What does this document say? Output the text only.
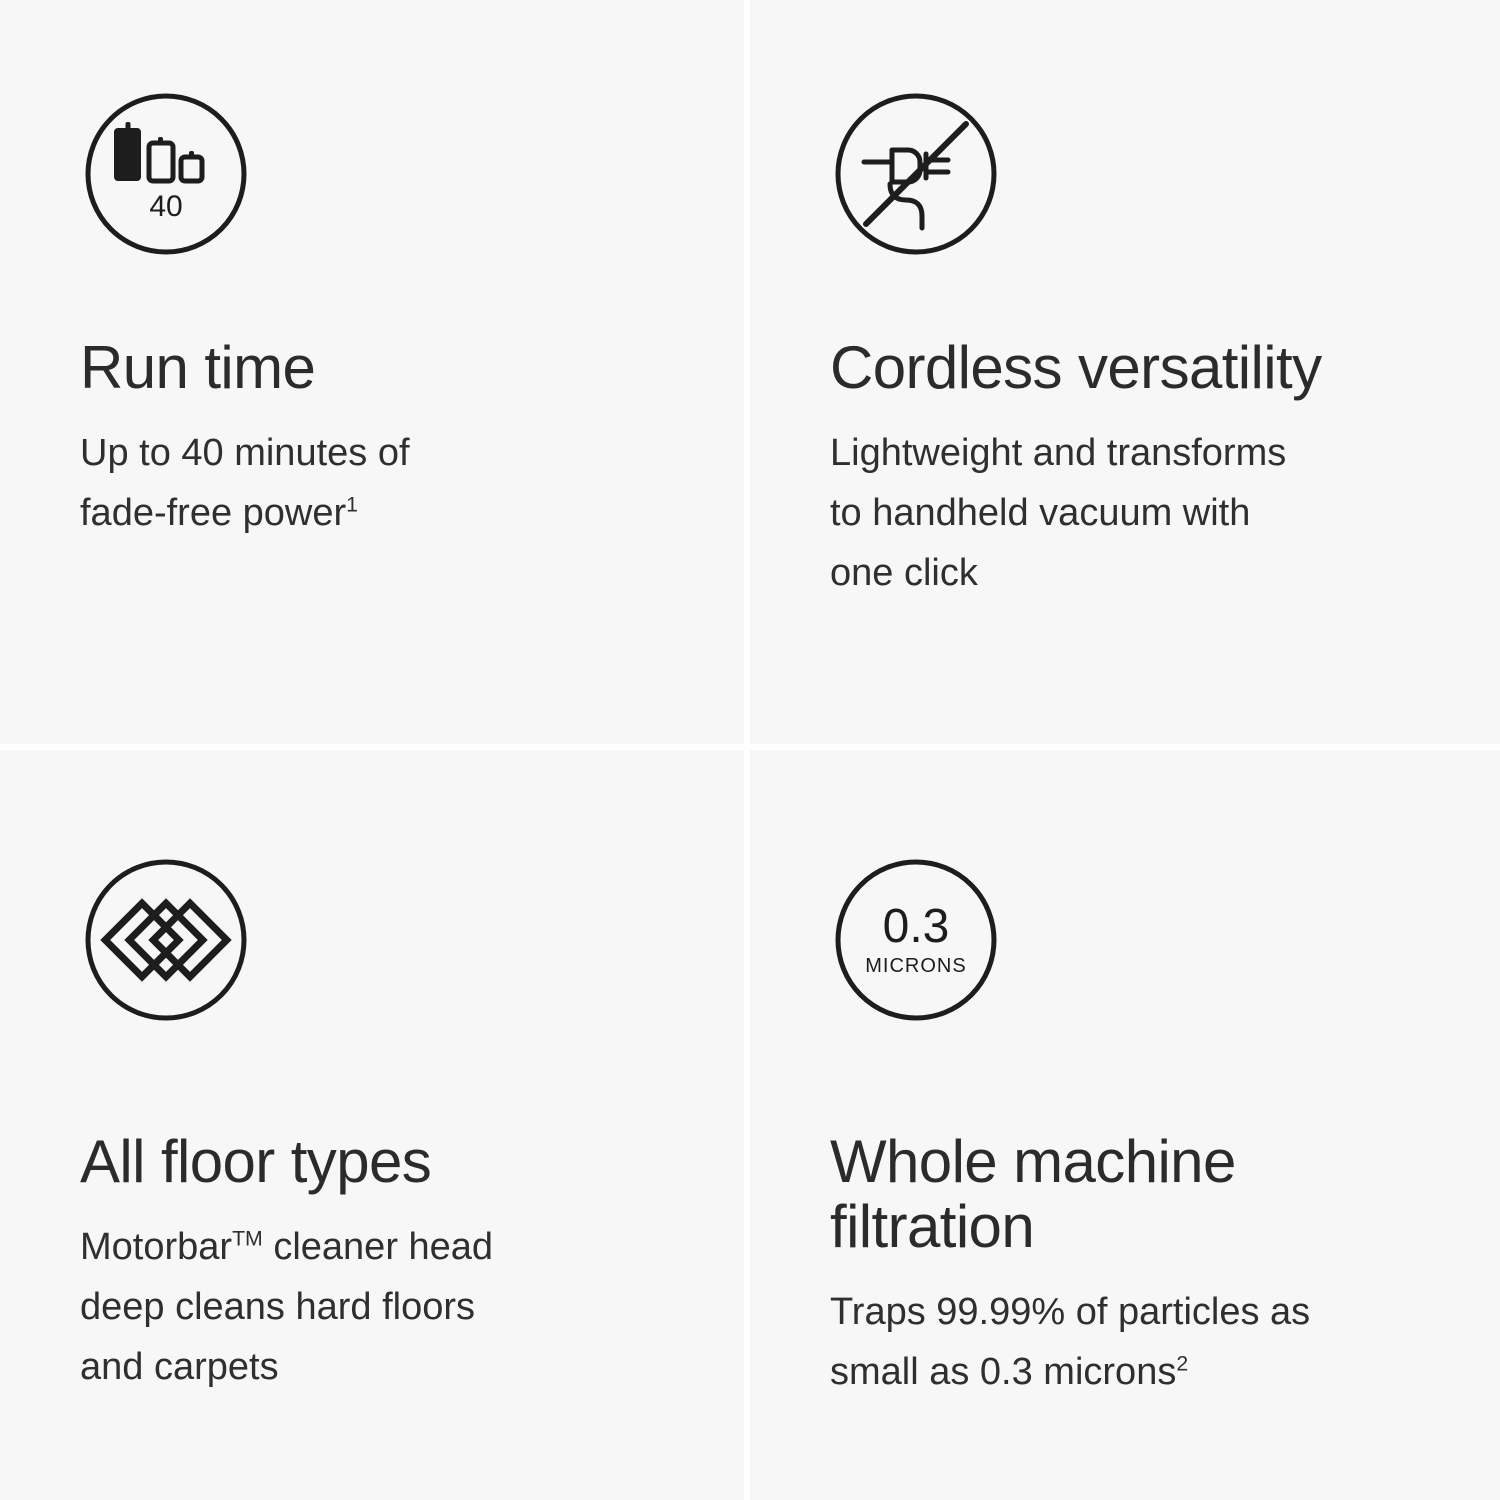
40
Run time

Up to 40 minutes of
fade-free power$^1$

Cordless versatility

Lightweight and transforms
to handheld vacuum with
one click

All floor types

Motorbar™ cleaner head
deep cleans hard floors
and carpets

0.3
MICRONS
Whole machine
filtration

Traps 99.99% of particles as
small as 0.3 microns$^2$
